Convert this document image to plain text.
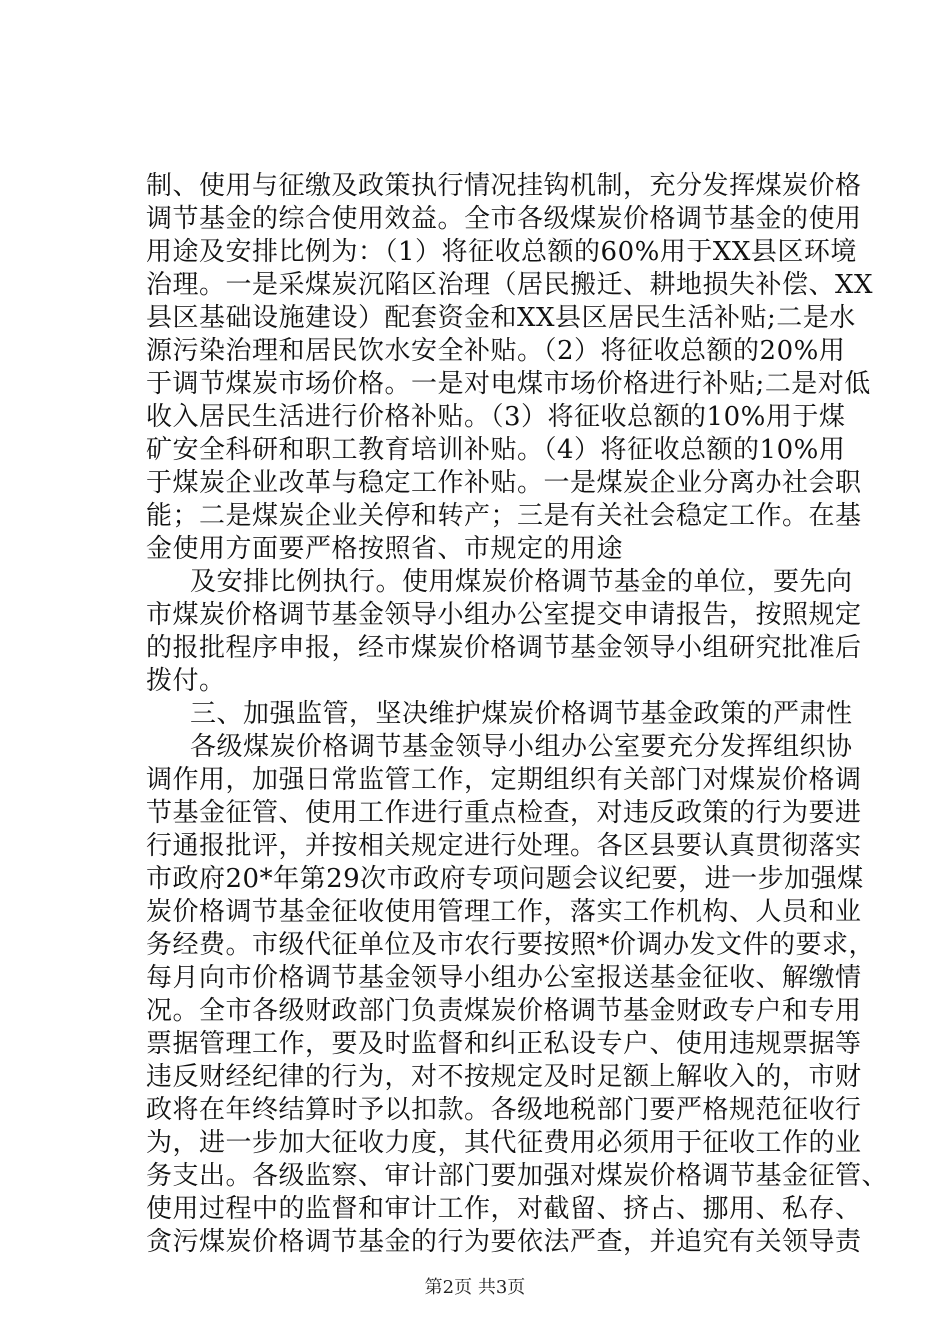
制、使用与征缴及政策执行情况挂钩机制，充分发挥煤炭价格
调节基金的综合使用效益。全市各级煤炭价格调节基金的使用
用途及安排比例为：（1）将征收总额的60%用于XX县区环境
治理。一是采煤炭沉陷区治理（居民搬迁、耕地损失补偿、XX
县区基础设施建设）配套资金和XX县区居民生活补贴;二是水
源污染治理和居民饮水安全补贴。（2）将征收总额的20%用
于调节煤炭市场价格。一是对电煤市场价格进行补贴;二是对低
收入居民生活进行价格补贴。（3）将征收总额的10%用于煤
矿安全科研和职工教育培训补贴。（4）将征收总额的10%用
于煤炭企业改革与稳定工作补贴。一是煤炭企业分离办社会职
能；二是煤炭企业关停和转产；三是有关社会稳定工作。在基
金使用方面要严格按照省、市规定的用途
及安排比例执行。使用煤炭价格调节基金的单位，要先向
市煤炭价格调节基金领导小组办公室提交申请报告，按照规定
的报批程序申报，经市煤炭价格调节基金领导小组研究批准后
拨付。
三、加强监管，坚决维护煤炭价格调节基金政策的严肃性
各级煤炭价格调节基金领导小组办公室要充分发挥组织协
调作用，加强日常监管工作，定期组织有关部门对煤炭价格调
节基金征管、使用工作进行重点检查，对违反政策的行为要进
行通报批评，并按相关规定进行处理。各区县要认真贯彻落实
市政府20*年第29次市政府专项问题会议纪要，进一步加强煤
炭价格调节基金征收使用管理工作，落实工作机构、人员和业
务经费。市级代征单位及市农行要按照*价调办发文件的要求，
每月向市价格调节基金领导小组办公室报送基金征收、解缴情
况。全市各级财政部门负责煤炭价格调节基金财政专户和专用
票据管理工作，要及时监督和纠正私设专户、使用违规票据等
违反财经纪律的行为，对不按规定及时足额上解收入的，市财
政将在年终结算时予以扣款。各级地税部门要严格规范征收行
为，进一步加大征收力度，其代征费用必须用于征收工作的业
务支出。各级监察、审计部门要加强对煤炭价格调节基金征管、
使用过程中的监督和审计工作，对截留、挤占、挪用、私存、
贪污煤炭价格调节基金的行为要依法严查，并追究有关领导责
第2页 共3页
